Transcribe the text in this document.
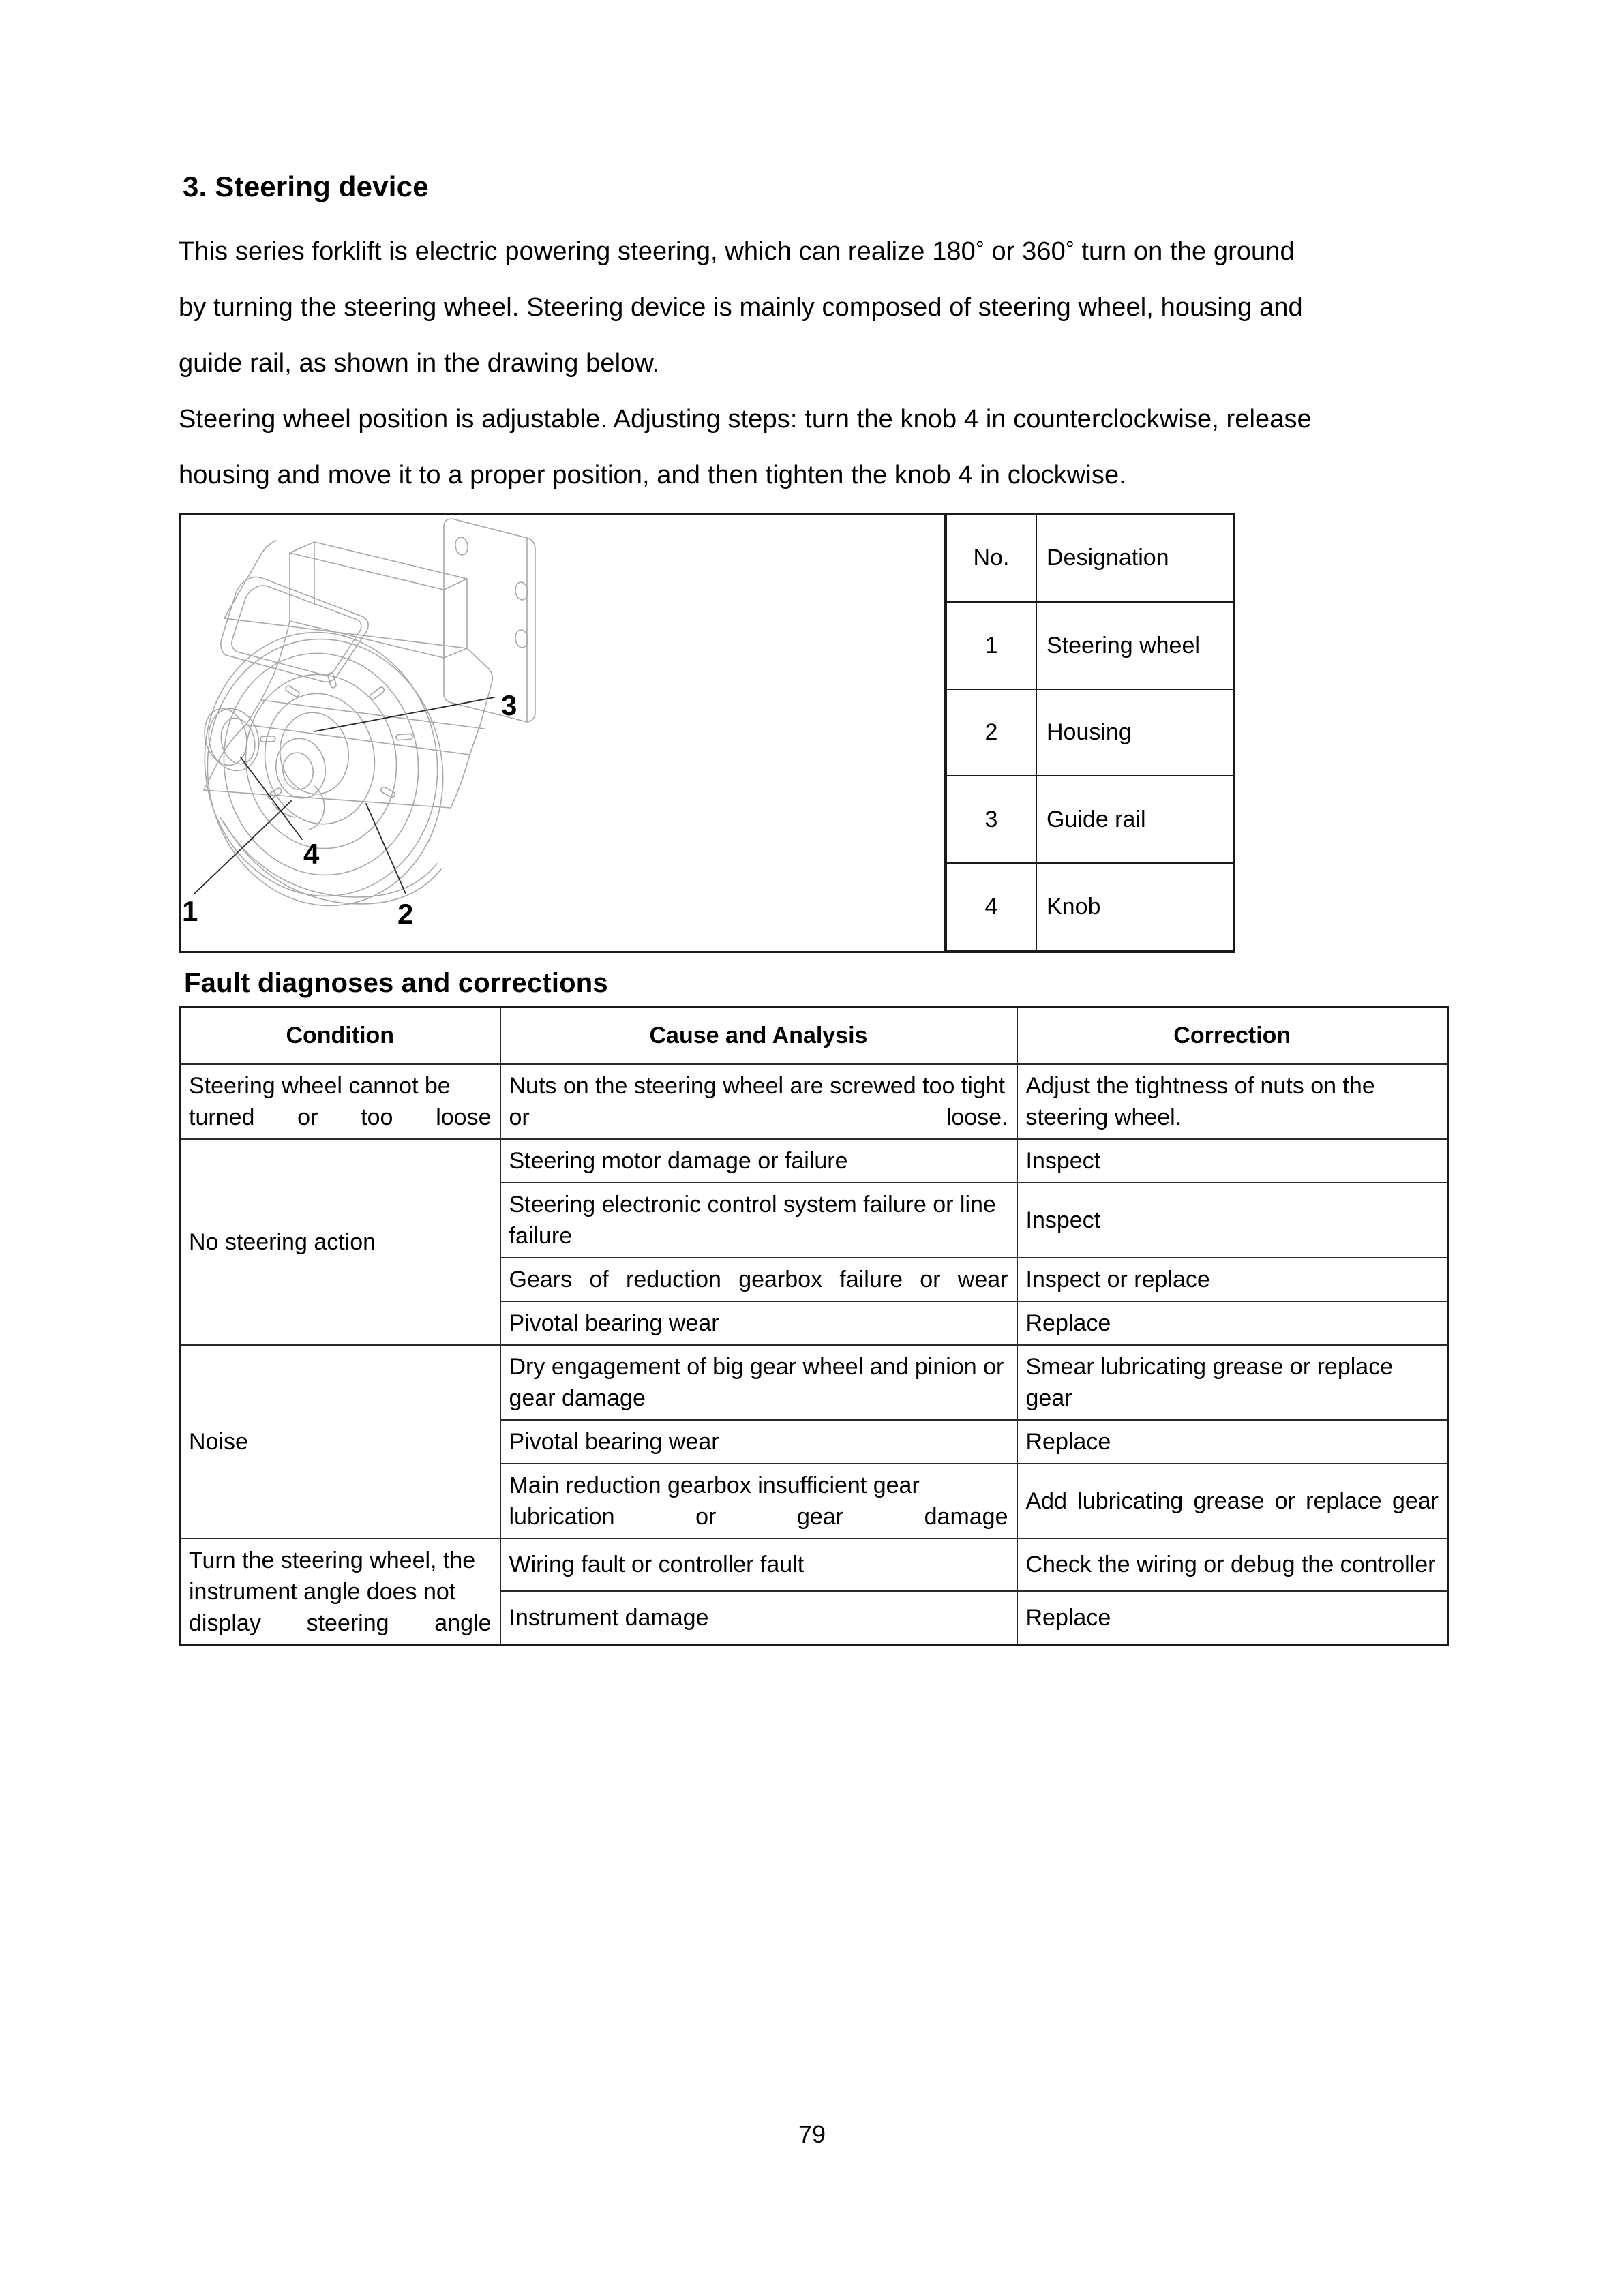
3. Steering device

This series forklift is electric powering steering, which can realize 180° or 360° turn on the ground
by turning the steering wheel. Steering device is mainly composed of steering wheel, housing and
guide rail, as shown in the drawing below.

Steering wheel position is adjustable. Adjusting steps: turn the knob 4 in counterclockwise, release
housing and move it to a proper position, and then tighten the knob 4 in clockwise.

1	2
3
4
No.	Designation
1	Steering wheel
2	Housing
3	Guide rail
4	Knob
Fault diagnoses and corrections
Condition	Cause and Analysis	Correction
Steering wheel cannot be turned or too loose	Nuts on the steering wheel are screwed too tight or loose.	Adjust the tightness of nuts on the steering wheel.
No steering action	Steering motor damage or failure	Inspect
	Steering electronic control system failure or line failure	Inspect
	Gears of reduction gearbox failure or wear	Inspect or replace
	Pivotal bearing wear	Replace
Noise	Dry engagement of big gear wheel and pinion or gear damage	Smear lubricating grease or replace gear
	Pivotal bearing wear	Replace
	Main reduction gearbox insufficient gear lubrication or gear damage	Add lubricating grease or replace gear
Turn the steering wheel, the instrument angle does not display steering angle	Wiring fault or controller fault	Check the wiring or debug the controller
	Instrument damage	Replace
79
